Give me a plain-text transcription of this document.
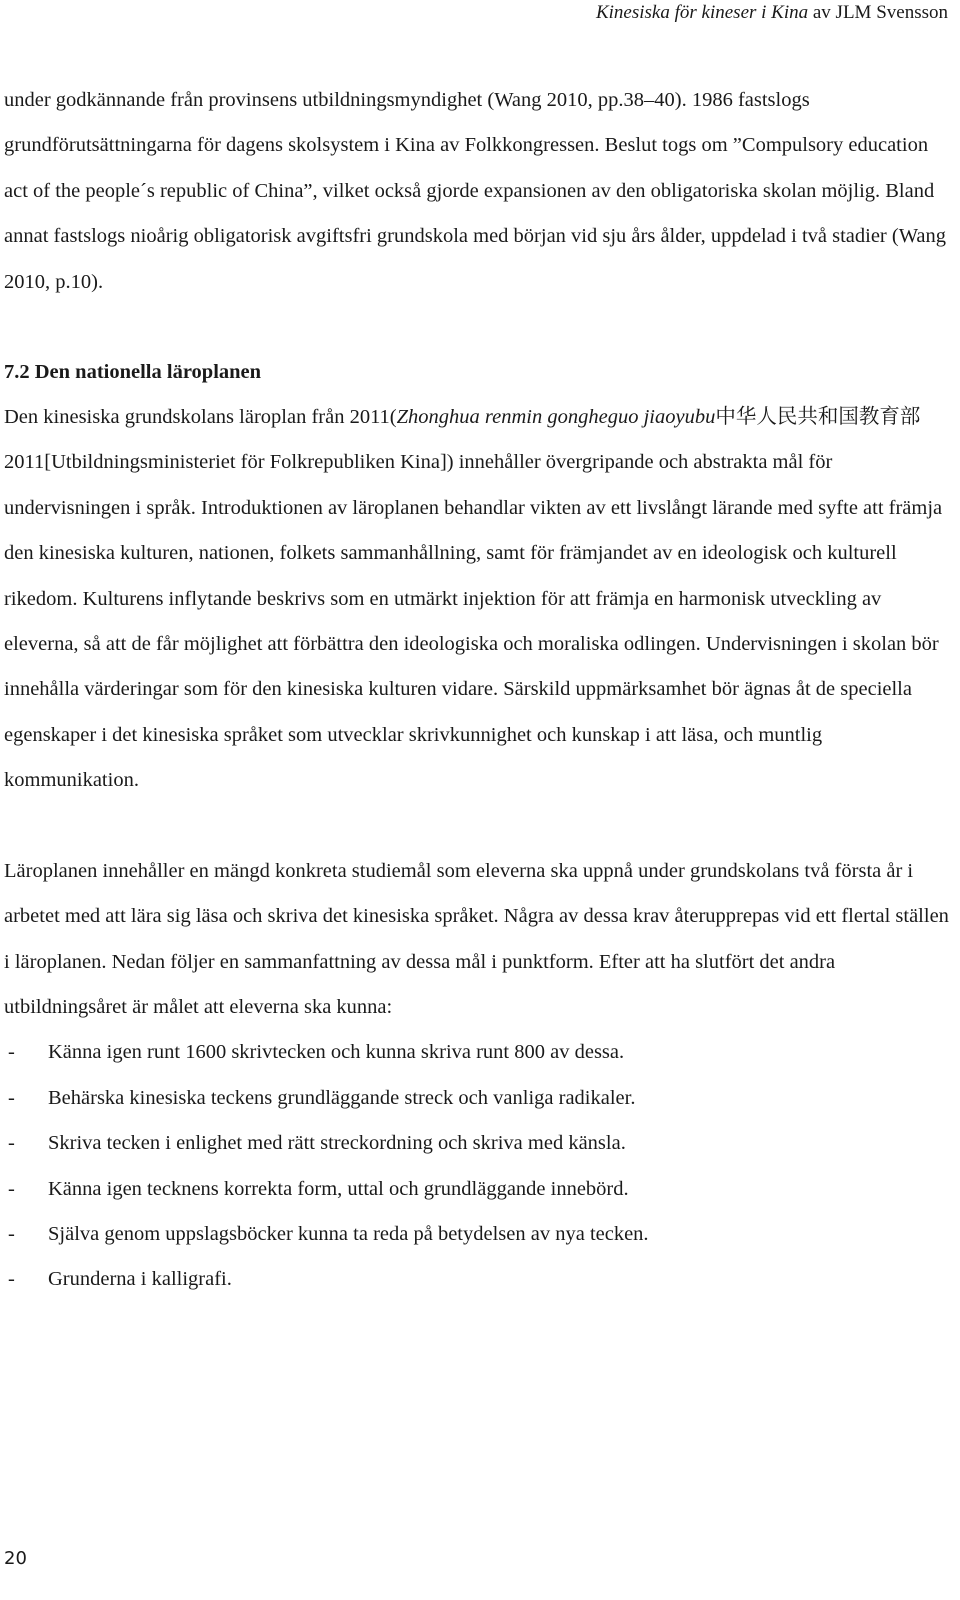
Kinesiska för kineser i Kina av JLM Svensson

under godkännande från provinsens utbildningsmyndighet (Wang 2010, pp.38–40). 1986 fastslogs grundförutsättningarna för dagens skolsystem i Kina av Folkkongressen. Beslut togs om ”Compulsory education act of the people´s republic of China”, vilket också gjorde expansionen av den obligatoriska skolan möjlig. Bland annat fastslogs nioårig obligatorisk avgiftsfri grundskola med början vid sju års ålder, uppdelad i två stadier (Wang 2010, p.10).

7.2 Den nationella läroplanen

Den kinesiska grundskolans läroplan från 2011(Zhonghua renmin gongheguo jiaoyubu中华人民共和国教育部 2011[Utbildningsministeriet för Folkrepubliken Kina]) innehåller övergripande och abstrakta mål för undervisningen i språk. Introduktionen av läroplanen behandlar vikten av ett livslångt lärande med syfte att främja den kinesiska kulturen, nationen, folkets sammanhållning, samt för främjandet av en ideologisk och kulturell rikedom. Kulturens inflytande beskrivs som en utmärkt injektion för att främja en harmonisk utveckling av eleverna, så att de får möjlighet att förbättra den ideologiska och moraliska odlingen. Undervisningen i skolan bör innehålla värderingar som för den kinesiska kulturen vidare. Särskild uppmärksamhet bör ägnas åt de speciella egenskaper i det kinesiska språket som utvecklar skrivkunnighet och kunskap i att läsa, och muntlig kommunikation.

Läroplanen innehåller en mängd konkreta studiemål som eleverna ska uppnå under grundskolans två första år i arbetet med att lära sig läsa och skriva det kinesiska språket. Några av dessa krav återupprepas vid ett flertal ställen i läroplanen. Nedan följer en sammanfattning av dessa mål i punktform. Efter att ha slutfört det andra utbildningsåret är målet att eleverna ska kunna:

- Känna igen runt 1600 skrivtecken och kunna skriva runt 800 av dessa.
- Behärska kinesiska teckens grundläggande streck och vanliga radikaler.
- Skriva tecken i enlighet med rätt streckordning och skriva med känsla.
- Känna igen tecknens korrekta form, uttal och grundläggande innebörd.
- Själva genom uppslagsböcker kunna ta reda på betydelsen av nya tecken.
- Grunderna i kalligrafi.
20
